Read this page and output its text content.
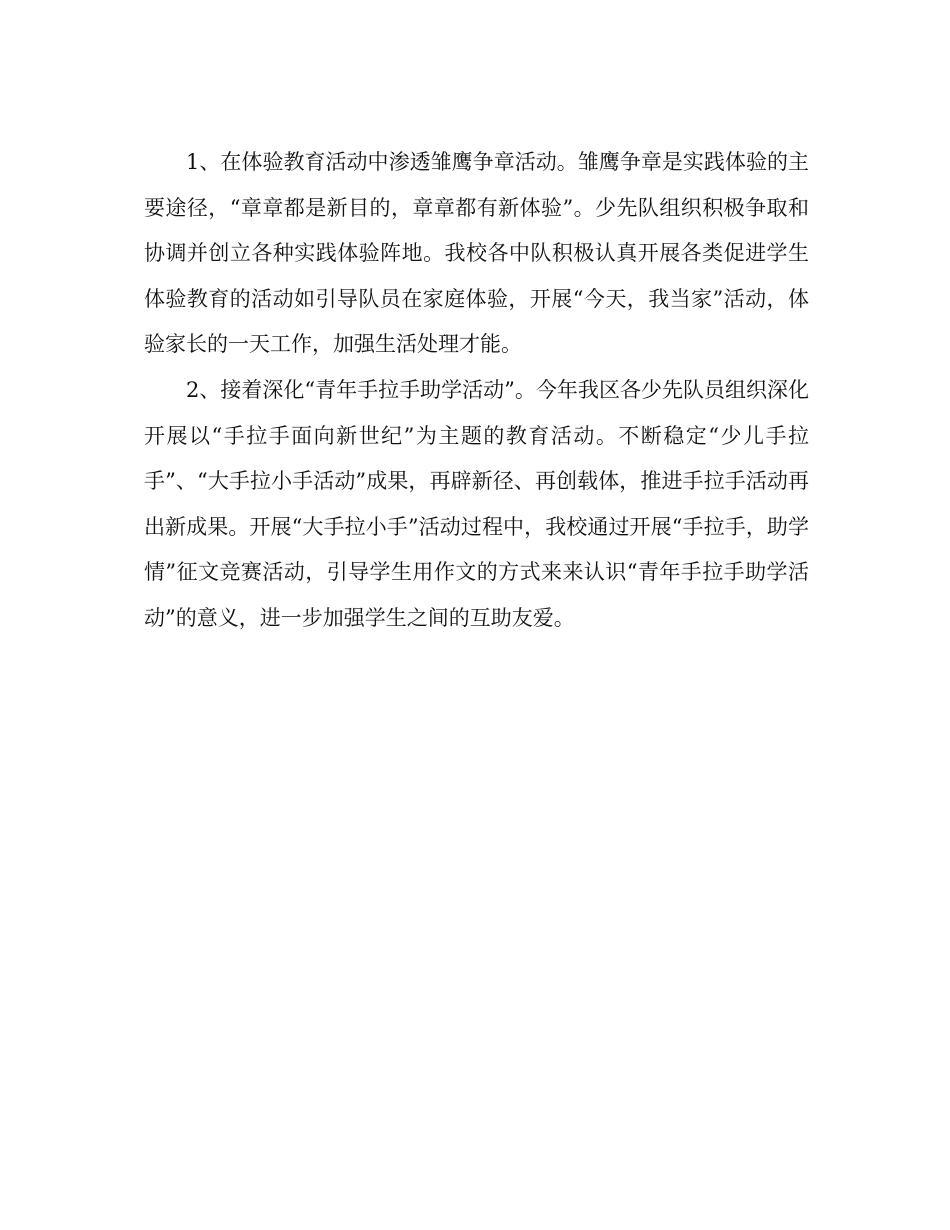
1、在体验教育活动中渗透雏鹰争章活动。雏鹰争章是实践体验的主要途径，“章章都是新目的，章章都有新体验”。少先队组织积极争取和协调并创立各种实践体验阵地。我校各中队积极认真开展各类促进学生体验教育的活动如引导队员在家庭体验，开展“今天，我当家”活动，体验家长的一天工作，加强生活处理才能。

2、接着深化“青年手拉手助学活动”。今年我区各少先队员组织深化开展以“手拉手面向新世纪”为主题的教育活动。不断稳定“少儿手拉手”、“大手拉小手活动”成果，再辟新径、再创载体，推进手拉手活动再出新成果。开展“大手拉小手”活动过程中，我校通过开展“手拉手，助学情”征文竞赛活动，引导学生用作文的方式来来认识“青年手拉手助学活动”的意义，进一步加强学生之间的互助友爱。
